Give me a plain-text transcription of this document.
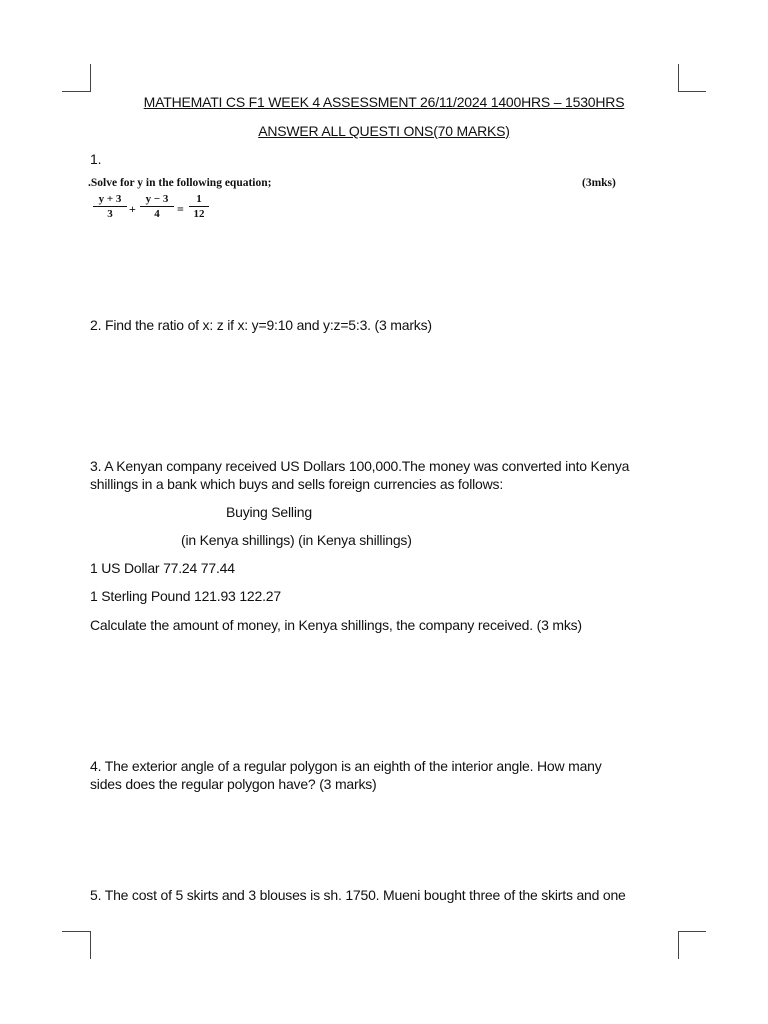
MATHEMATI CS F1 WEEK 4 ASSESSMENT 26/11/2024 1400HRS – 1530HRS
ANSWER ALL QUESTI ONS(70 MARKS)
1.
.Solve for y in the following equation;	(3mks)
y + 3
3	+
y − 3
4	=
1
12
2. Find the ratio of x: z if x: y=9:10 and y:z=5:3. (3 marks)
3. A Kenyan company received US Dollars 100,000.The money was converted into Kenya
shillings in a bank which buys and sells foreign currencies as follows:
Buying Selling
(in Kenya shillings) (in Kenya shillings)
1 US Dollar 77.24 77.44
1 Sterling Pound 121.93 122.27
Calculate the amount of money, in Kenya shillings, the company received. (3 mks)
4. The exterior angle of a regular polygon is an eighth of the interior angle. How many
sides does the regular polygon have? (3 marks)
5. The cost of 5 skirts and 3 blouses is sh. 1750. Mueni bought three of the skirts and one
